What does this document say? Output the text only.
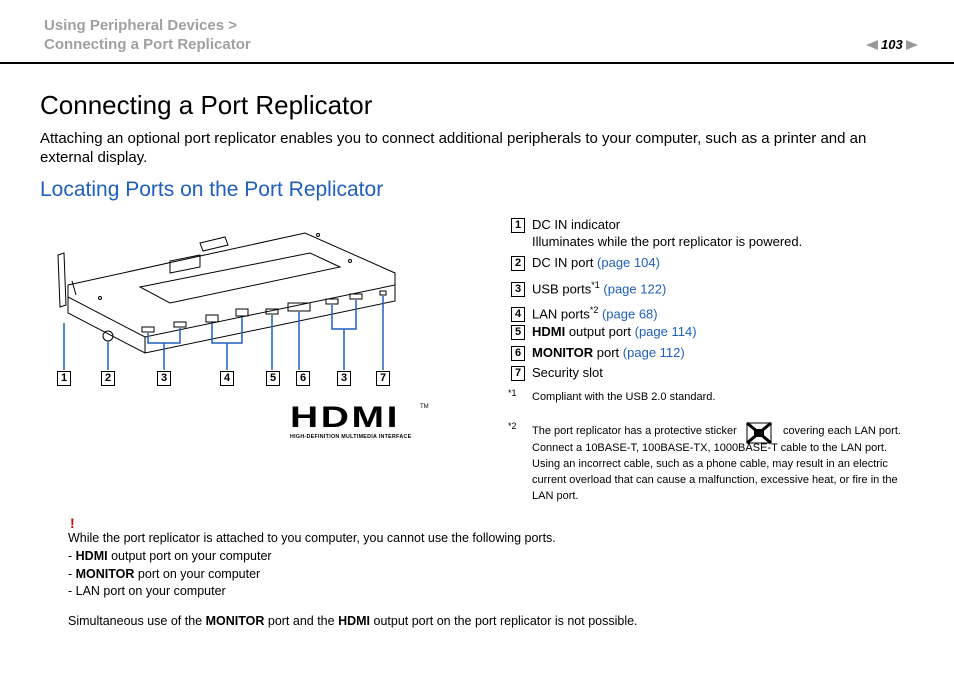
Using Peripheral Devices >
Connecting a Port Replicator	103
Connecting a Port Replicator

Attaching an optional port replicator enables you to connect additional peripherals to your computer, such as a printer and an external display.

Locating Ports on the Port Replicator
1	2	3	4	5	6	3	7
HDMI	TM
HIGH-DEFINITION MULTIMEDIA INTERFACE
1 DC IN indicator
Illuminates while the port replicator is powered.
2 DC IN port (page 104)
3 USB ports$^{*1}$ (page 122)
4 LAN ports$^{*2}$ (page 68)
5 HDMI output port (page 114)
6 MONITOR port (page 112)
7 Security slot
*1 Compliant with the USB 2.0 standard.
*2 The port replicator has a protective sticker	covering each LAN port.
Connect a 10BASE-T, 100BASE-TX, 1000BASE-T cable to the LAN port. Using an incorrect cable, such as a phone cable, may result in an electric current overload that can cause a malfunction, excessive heat, or fire in the LAN port.
!
While the port replicator is attached to you computer, you cannot use the following ports.
- HDMI output port on your computer
- MONITOR port on your computer
- LAN port on your computer
Simultaneous use of the MONITOR port and the HDMI output port on the port replicator is not possible.
